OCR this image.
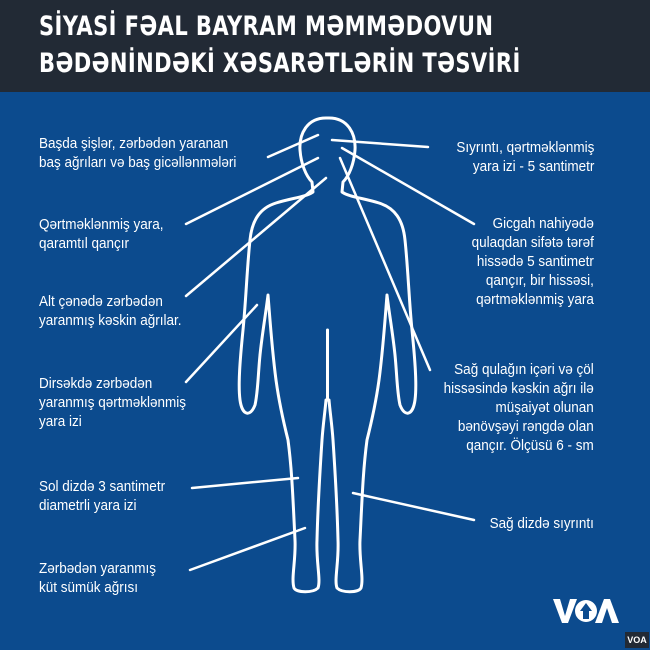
SİYASİ FƏAL BAYRAM MƏMMƏDOVUN
BƏDƏNİNDƏKİ XƏSARƏTLƏRİN TƏSVİRİ
Başda şişlər, zərbədən yaranan
baş ağrıları və baş gicəllənmələri
Qərtməklənmiş yara,
qaramtıl qançır
Alt çənədə zərbədən
yaranmış kəskin ağrılar.
Dirsəkdə zərbədən
yaranmış qərtməklənmiş
yara izi
Sol dizdə 3 santimetr
diametrli yara izi
Zərbədən yaranmış
küt sümük ağrısı
Sıyrıntı, qərtməklənmiş
yara izi - 5 santimetr
Gicgah nahiyədə
qulaqdan sifətə tərəf
hissədə 5 santimetr
qançır, bir hissəsi,
qərtməklənmiş yara
Sağ qulağın içəri və çöl
hissəsində kəskin ağrı ilə
müşaiyət olunan
bənövşəyi rəngdə olan
qançır. Ölçüsü 6 - sm
Sağ dizdə sıyrıntı
VOA
